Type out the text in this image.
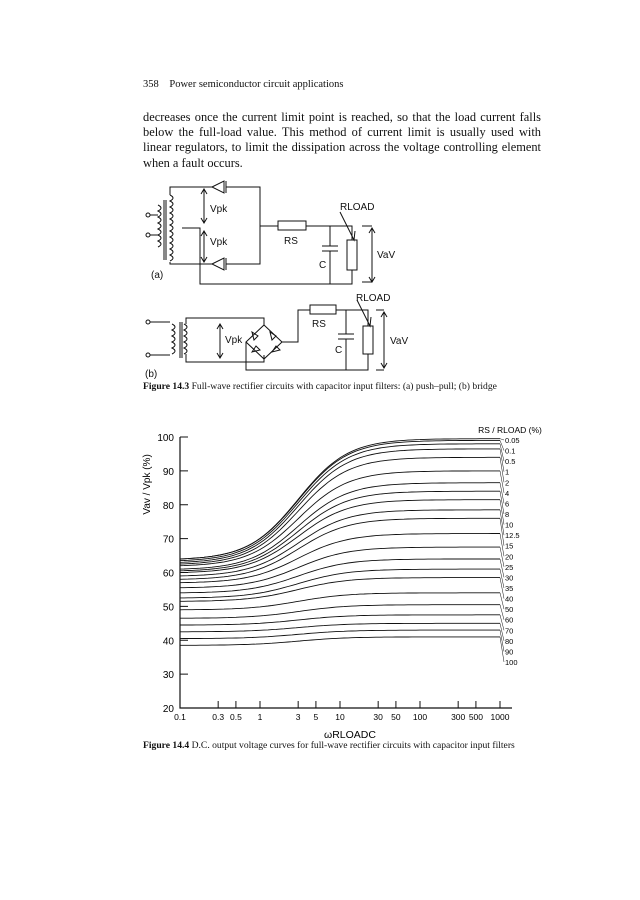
358 Power semiconductor circuit applications
decreases once the current limit point is reached, so that the load current falls below the full-load value. This method of current limit is usually used with linear regulators, to limit the dissipation across the voltage controlling element when a fault occurs.
Vpk
Vpk	RS
RLOAD
C
VaV
(a)
Vpk
RS
RLOAD
C
VaV
(b)
20
30
40
50
60
70
80
90
100
0.1	0.3 0.5 1	3 5 10	30 50 100	300 500 1000
ωRLOADC
Vav / Vpk (%)
RS / RLOAD (%)
0.05
0.1
0.5
1
2
4
6
8
10
12.5
15
20
25
30
35
40
50
60
70
80
90
100
Figure 14.3 Full-wave rectifier circuits with capacitor input filters: (a) push–pull; (b) bridge
Figure 14.4 D.C. output voltage curves for full-wave rectifier circuits with capacitor input filters
